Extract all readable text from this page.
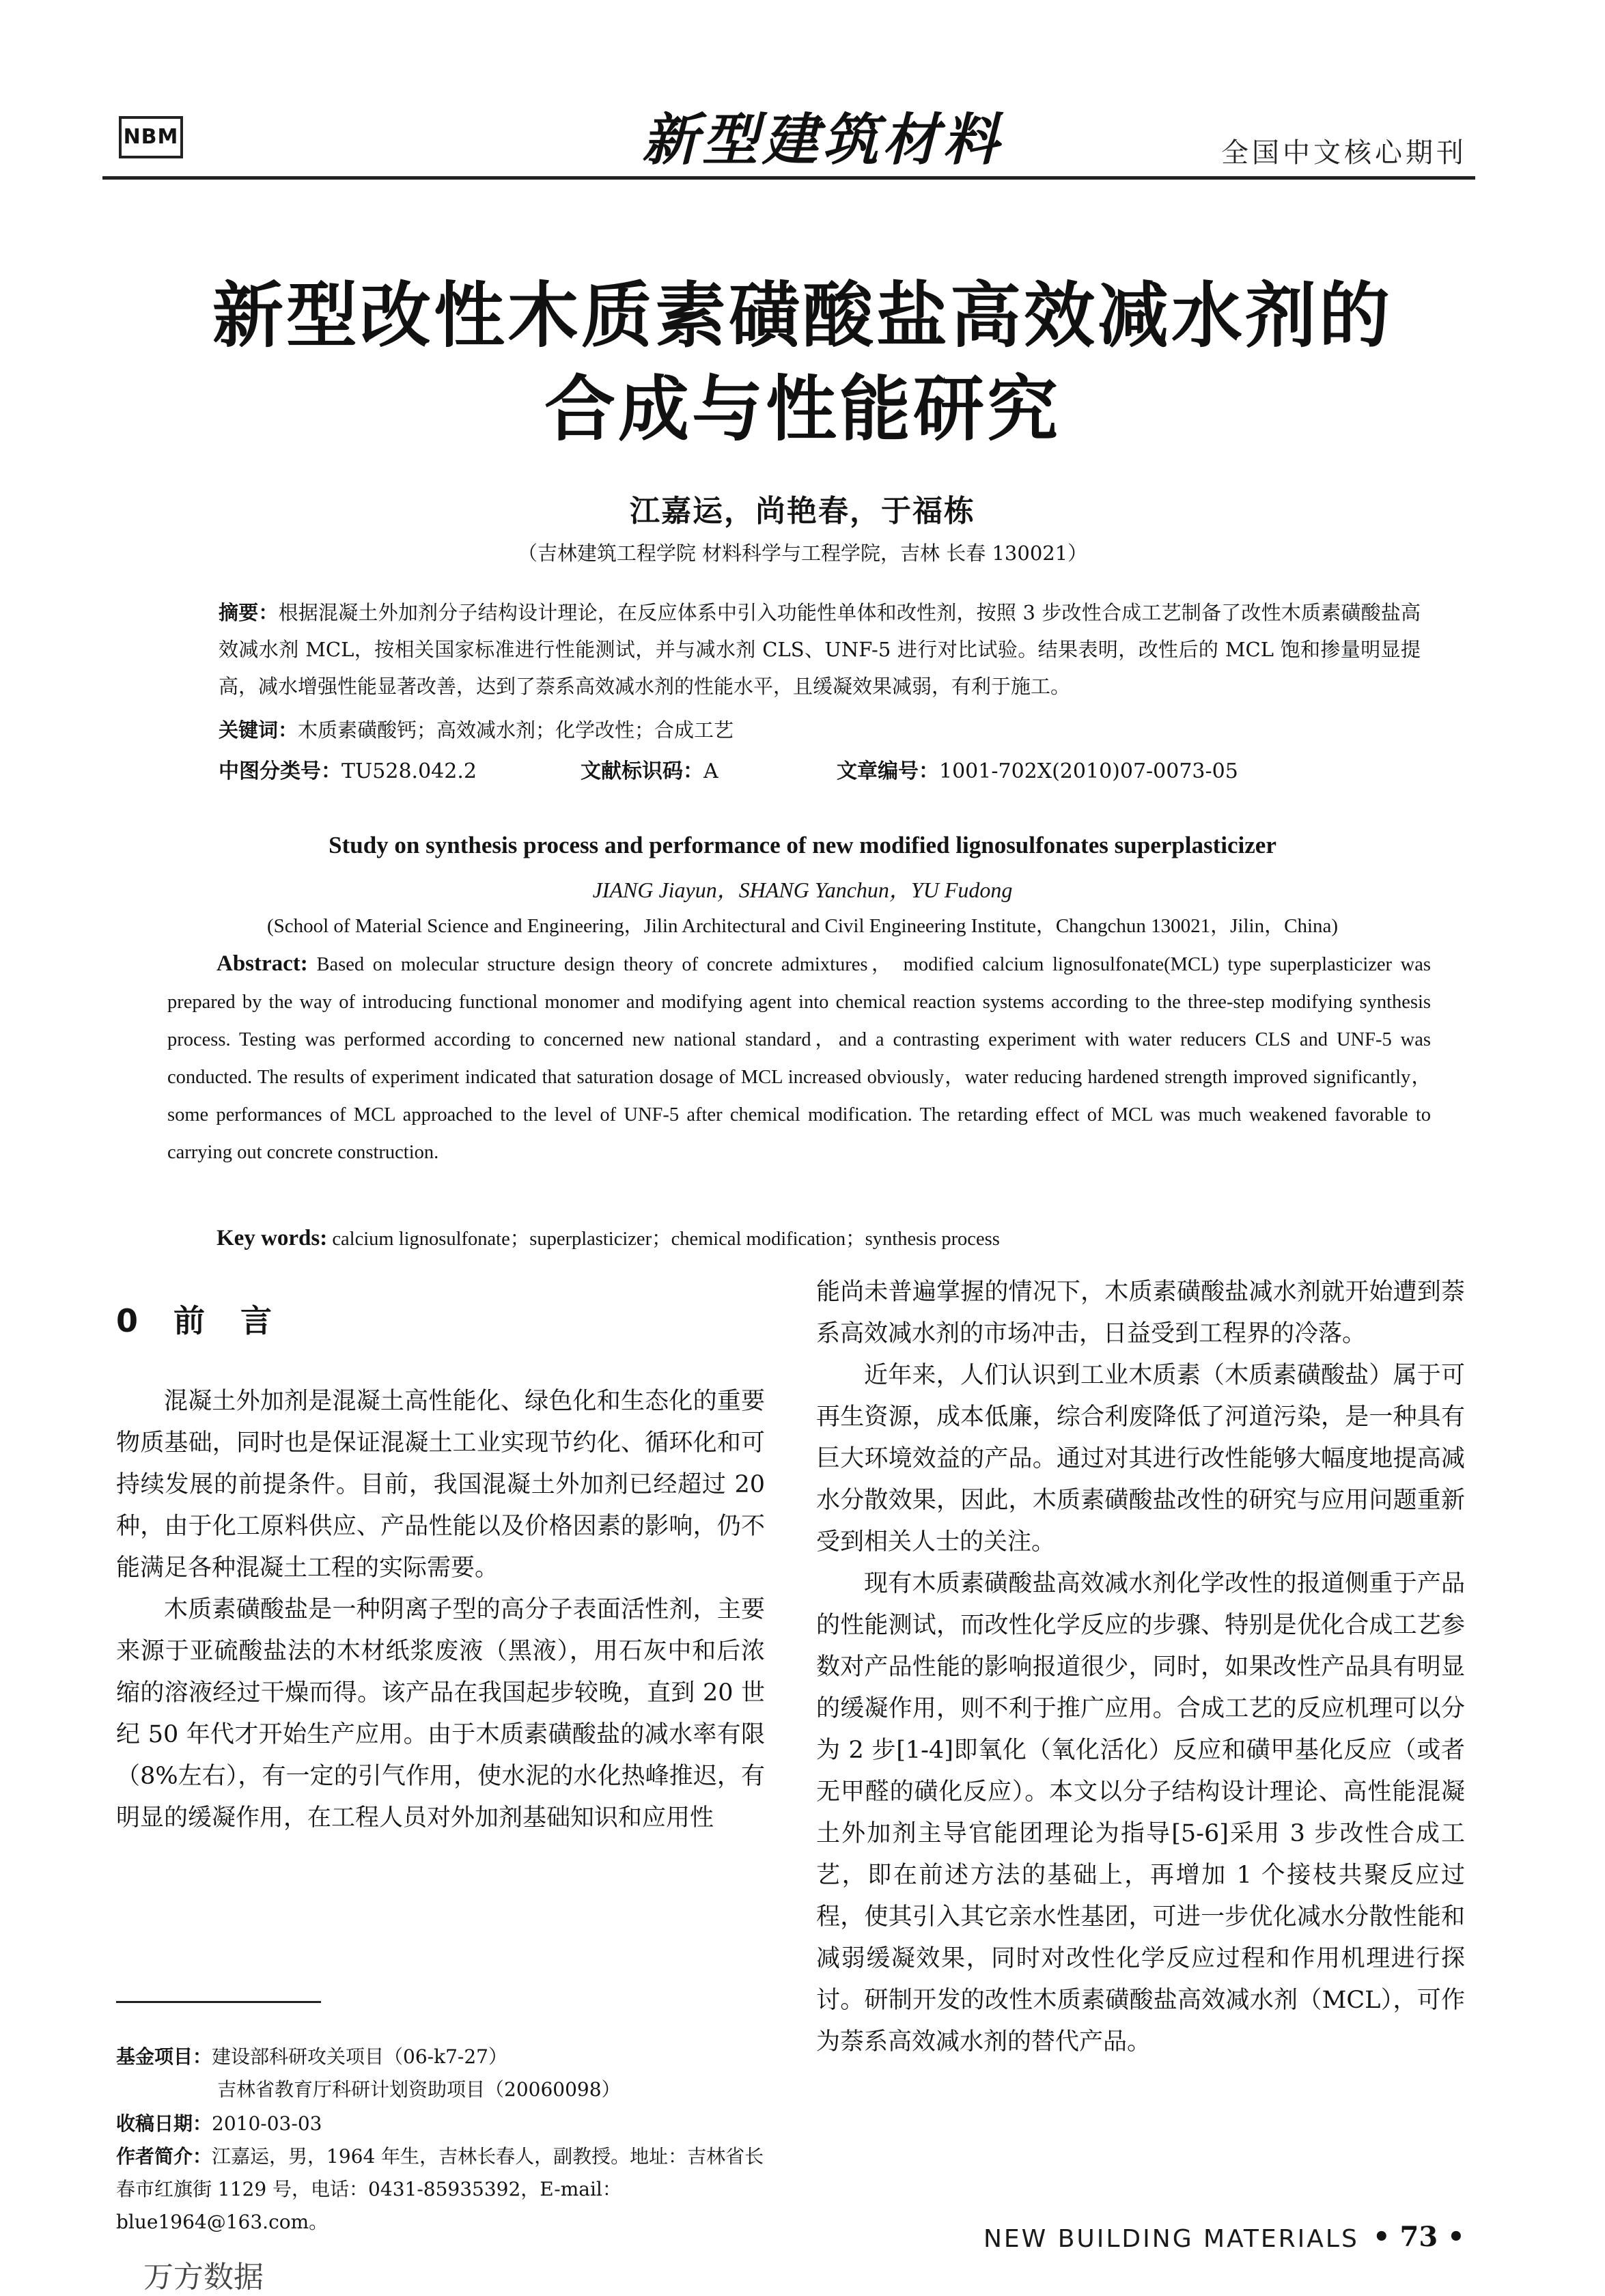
NBM	新型建筑材料	全国中文核心期刊
新型改性木质素磺酸盐高效减水剂的
合成与性能研究
江嘉运，尚艳春，于福栋
（吉林建筑工程学院 材料科学与工程学院，吉林 长春 130021）
摘要：根据混凝土外加剂分子结构设计理论，在反应体系中引入功能性单体和改性剂，按照 3 步改性合成工艺制备了改性木质素磺酸盐高效减水剂 MCL，按相关国家标准进行性能测试，并与减水剂 CLS、UNF-5 进行对比试验。结果表明，改性后的 MCL 饱和掺量明显提高，减水增强性能显著改善，达到了萘系高效减水剂的性能水平，且缓凝效果减弱，有利于施工。
关键词：木质素磺酸钙；高效减水剂；化学改性；合成工艺
中图分类号：TU528.042.2	文献标识码：A	文章编号：1001-702X(2010)07-0073-05
Study on synthesis process and performance of new modified lignosulfonates superplasticizer
JIANG Jiayun，SHANG Yanchun，YU Fudong
(School of Material Science and Engineering，Jilin Architectural and Civil Engineering Institute，Changchun 130021，Jilin，China)
Abstract: Based on molecular structure design theory of concrete admixtures， modified calcium lignosulfonate(MCL) type superplasticizer was prepared by the way of introducing functional monomer and modifying agent into chemical reaction systems according to the three-step modifying synthesis process. Testing was performed according to concerned new national standard，and a contrasting experiment with water reducers CLS and UNF-5 was conducted. The results of experiment indicated that saturation dosage of MCL increased obviously，water reducing hardened strength improved significantly，some performances of MCL approached to the level of UNF-5 after chemical modification. The retarding effect of MCL was much weakened favorable to carrying out concrete construction.
Key words: calcium lignosulfonate；superplasticizer；chemical modification；synthesis process
0 前 言

混凝土外加剂是混凝土高性能化、绿色化和生态化的重要物质基础，同时也是保证混凝土工业实现节约化、循环化和可持续发展的前提条件。目前，我国混凝土外加剂已经超过 20 种，由于化工原料供应、产品性能以及价格因素的影响，仍不能满足各种混凝土工程的实际需要。

木质素磺酸盐是一种阴离子型的高分子表面活性剂，主要来源于亚硫酸盐法的木材纸浆废液（黑液），用石灰中和后浓缩的溶液经过干燥而得。该产品在我国起步较晚，直到 20 世纪 50 年代才开始生产应用。由于木质素磺酸盐的减水率有限（8%左右），有一定的引气作用，使水泥的水化热峰推迟，有明显的缓凝作用，在工程人员对外加剂基础知识和应用性

能尚未普遍掌握的情况下，木质素磺酸盐减水剂就开始遭到萘系高效减水剂的市场冲击，日益受到工程界的冷落。

近年来，人们认识到工业木质素（木质素磺酸盐）属于可再生资源，成本低廉，综合利废降低了河道污染，是一种具有巨大环境效益的产品。通过对其进行改性能够大幅度地提高减水分散效果，因此，木质素磺酸盐改性的研究与应用问题重新受到相关人士的关注。

现有木质素磺酸盐高效减水剂化学改性的报道侧重于产品的性能测试，而改性化学反应的步骤、特别是优化合成工艺参数对产品性能的影响报道很少，同时，如果改性产品具有明显的缓凝作用，则不利于推广应用。合成工艺的反应机理可以分为 2 步[1-4]即氧化（氧化活化）反应和磺甲基化反应（或者无甲醛的磺化反应）。本文以分子结构设计理论、高性能混凝土外加剂主导官能团理论为指导[5-6]采用 3 步改性合成工艺，即在前述方法的基础上，再增加 1 个接枝共聚反应过程，使其引入其它亲水性基团，可进一步优化减水分散性能和减弱缓凝效果，同时对改性化学反应过程和作用机理进行探讨。研制开发的改性木质素磺酸盐高效减水剂（MCL），可作为萘系高效减水剂的替代产品。

基金项目：建设部科研攻关项目（06-k7-27）
吉林省教育厅科研计划资助项目（20060098）
收稿日期：2010-03-03
作者简介：江嘉运，男，1964 年生，吉林长春人，副教授。地址：吉林省长春市红旗街 1129 号，电话：0431-85935392，E-mail：blue1964@163.com。
NEW BUILDING MATERIALS • 73 •
万方数据
